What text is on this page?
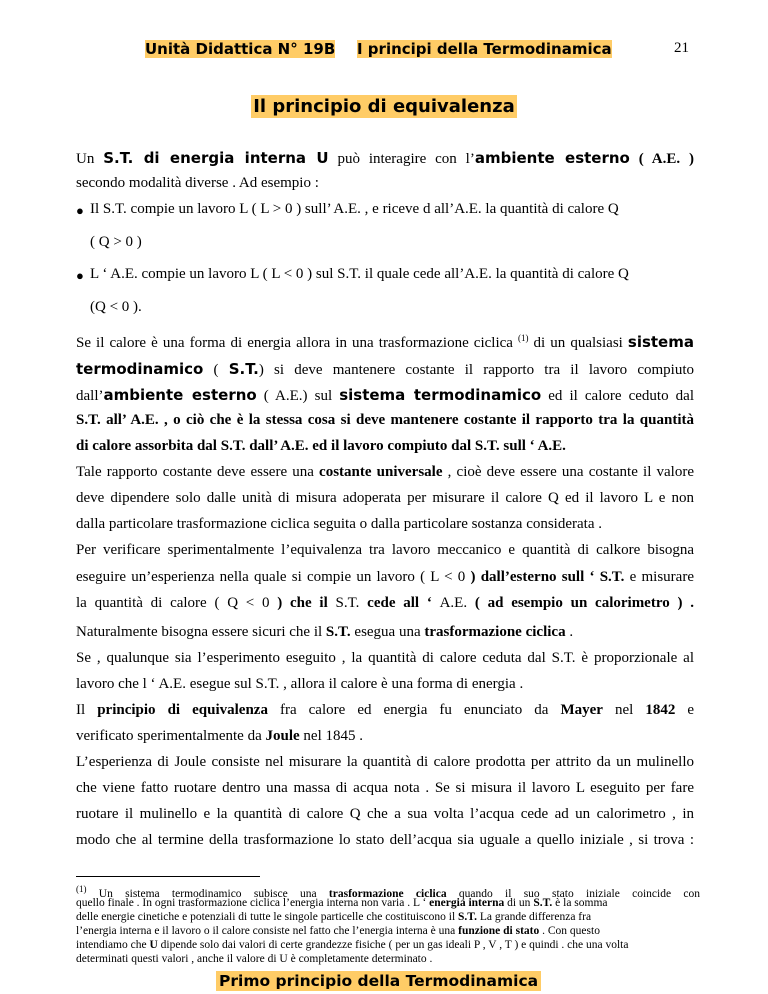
Unità Didattica N° 19B I principi della Termodinamica	21
Il principio di equivalenza
Un S.T. di energia interna U può interagire con l’ambiente esterno ( A.E. )
secondo modalità diverse . Ad esempio :
● Il S.T. compie un lavoro L ( L > 0 ) sull’ A.E. , e riceve d all’A.E. la quantità di calore Q
( Q > 0 )
● L ‘ A.E. compie un lavoro L ( L < 0 ) sul S.T. il quale cede all’A.E. la quantità di calore Q
(Q < 0 ).
Se il calore è una forma di energia allora in una trasformazione ciclica $^{(1)}$ di un qualsiasi sistema
termodinamico ( S.T.) si deve mantenere costante il rapporto tra il lavoro compiuto
dall’ambiente esterno ( A.E.) sul sistema termodinamico ed il calore ceduto dal
S.T. all’ A.E. , o ciò che è la stessa cosa si deve mantenere costante il rapporto tra la quantità
di calore assorbita dal S.T. dall’ A.E. ed il lavoro compiuto dal S.T. sull ‘ A.E.
Tale rapporto costante deve essere una costante universale , cioè deve essere una costante il valore
deve dipendere solo dalle unità di misura adoperata per misurare il calore Q ed il lavoro L e non
dalla particolare trasformazione ciclica seguita o dalla particolare sostanza considerata .
Per verificare sperimentalmente l’equivalenza tra lavoro meccanico e quantità di calkore bisogna
eseguire un’esperienza nella quale si compie un lavoro ( L < 0 ) dall’esterno sull ‘ S.T. e misurare
la quantità di calore ( Q < 0 ) che il S.T. cede all ‘ A.E. ( ad esempio un calorimetro ) .
Naturalmente bisogna essere sicuri che il S.T. esegua una trasformazione ciclica .
Se , qualunque sia l’esperimento eseguito , la quantità di calore ceduta dal S.T. è proporzionale al
lavoro che l ‘ A.E. esegue sul S.T. , allora il calore è una forma di energia .
Il principio di equivalenza fra calore ed energia fu enunciato da Mayer nel 1842 e
verificato sperimentalmente da Joule nel 1845 .
L’esperienza di Joule consiste nel misurare la quantità di calore prodotta per attrito da un mulinello
che viene fatto ruotare dentro una massa di acqua nota . Se si misura il lavoro L eseguito per fare
ruotare il mulinello e la quantità di calore Q che a sua volta l’acqua cede ad un calorimetro , in
modo che al termine della trasformazione lo stato dell’acqua sia uguale a quello iniziale , si trova :
$^{(1)}$ Un sistema termodinamico subisce una trasformazione ciclica quando il suo stato iniziale coincide con
quello finale . In ogni trasformazione ciclica l’energia interna non varia . L ‘ energia interna di un S.T. è la somma
delle energie cinetiche e potenziali di tutte le singole particelle che costituiscono il S.T. La grande differenza fra
l’energia interna e il lavoro o il calore consiste nel fatto che l’energia interna è una funzione di stato . Con questo
intendiamo che U dipende solo dai valori di certe grandezze fisiche ( per un gas ideali P , V , T ) e quindi . che una volta
determinati questi valori , anche il valore di U è completamente determinato .
Primo principio della Termodinamica
